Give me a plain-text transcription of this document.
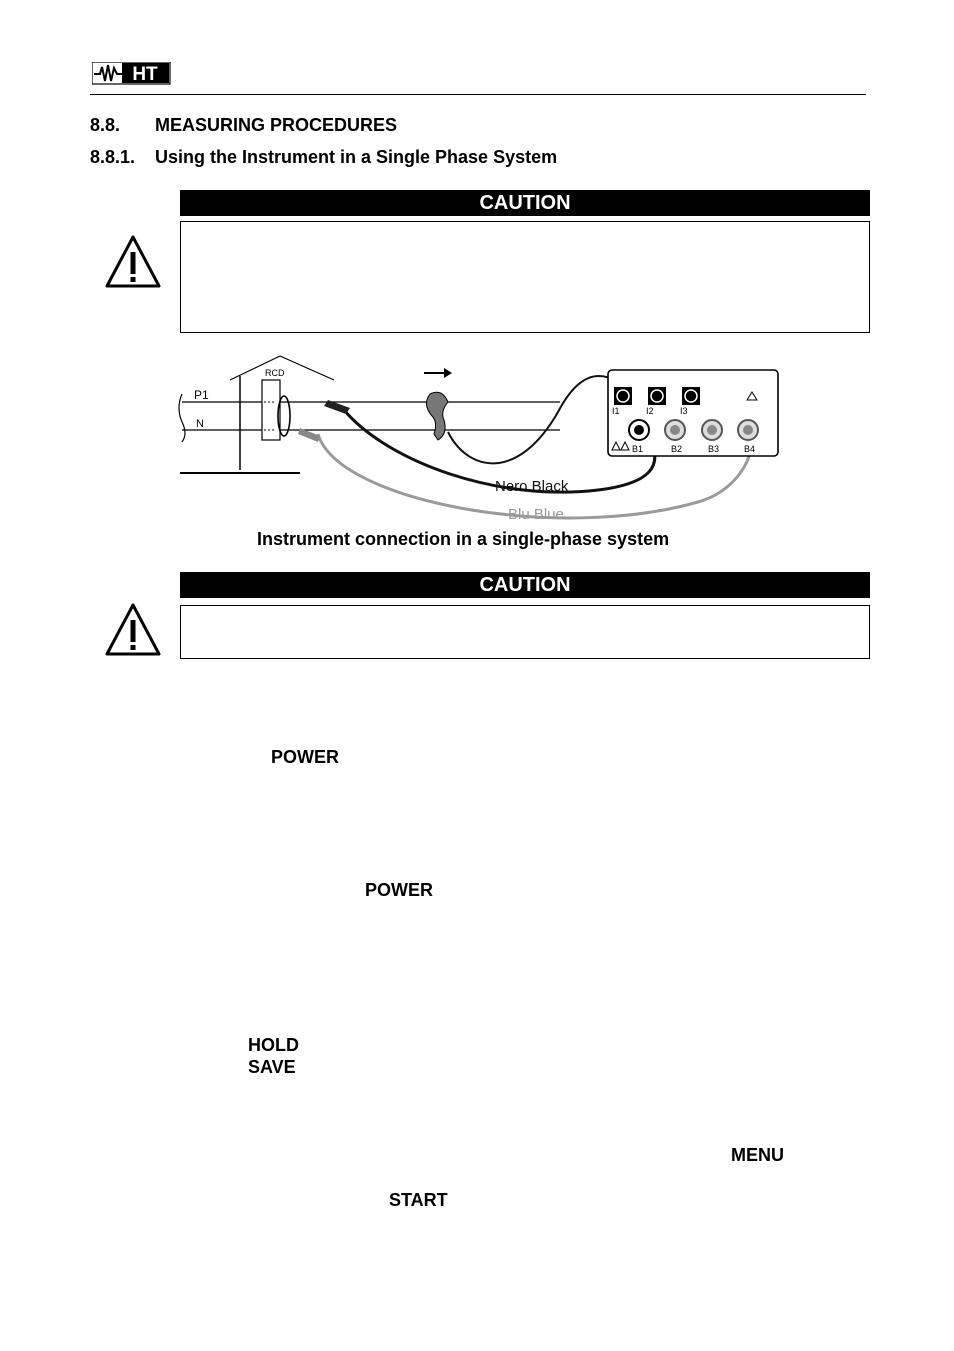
HT
8.8. MEASURING PROCEDURES
8.8.1. Using the Instrument in a Single Phase System
CAUTION
P1
N
RCD
I1	I2	I3
B1	B2	B3	B4
Nero Black
Blu Blue
Instrument connection in a single-phase system
CAUTION
POWER
POWER
HOLD
SAVE
MENU
START
